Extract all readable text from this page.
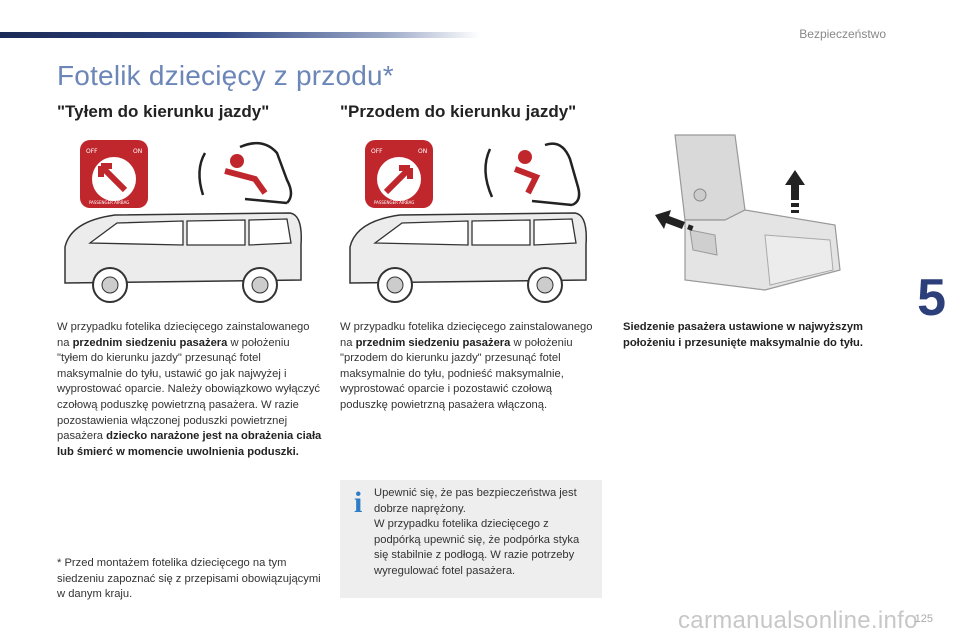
Bezpieczeństwo
Fotelik dziecięcy z przodu*
"Tyłem do kierunku jazdy"	"Przodem do kierunku jazdy"
OFF	ON
PASSENGER AIRBAG
OFF	ON
PASSENGER AIRBAG

W przypadku fotelika dziecięcego zainstalowanego na przednim siedzeniu pasażera w położeniu "tyłem do kierunku jazdy" przesunąć fotel maksymalnie do tyłu, ustawić go jak najwyżej i wyprostować oparcie. Należy obowiązkowo wyłączyć czołową poduszkę powietrzną pasażera. W razie pozostawienia włączonej poduszki powietrznej pasażera dziecko narażone jest na obrażenia ciała lub śmierć w momencie uwolnienia poduszki.

W przypadku fotelika dziecięcego zainstalowanego na przednim siedzeniu pasażera w położeniu "przodem do kierunku jazdy" przesunąć fotel maksymalnie do tyłu, podnieść maksymalnie, wyprostować oparcie i pozostawić czołową poduszkę powietrzną pasażera włączoną.

Siedzenie pasażera ustawione w najwyższym położeniu i przesunięte maksymalnie do tyłu.

* Przed montażem fotelika dziecięcego na tym siedzeniu zapoznać się z przepisami obowiązującymi w danym kraju.

i Upewnić się, że pas bezpieczeństwa jest dobrze naprężony.
W przypadku fotelika dziecięcego z podpórką upewnić się, że podpórka styka się stabilnie z podłogą. W razie potrzeby wyregulować fotel pasażera.
5
carmanualsonline.info
125
